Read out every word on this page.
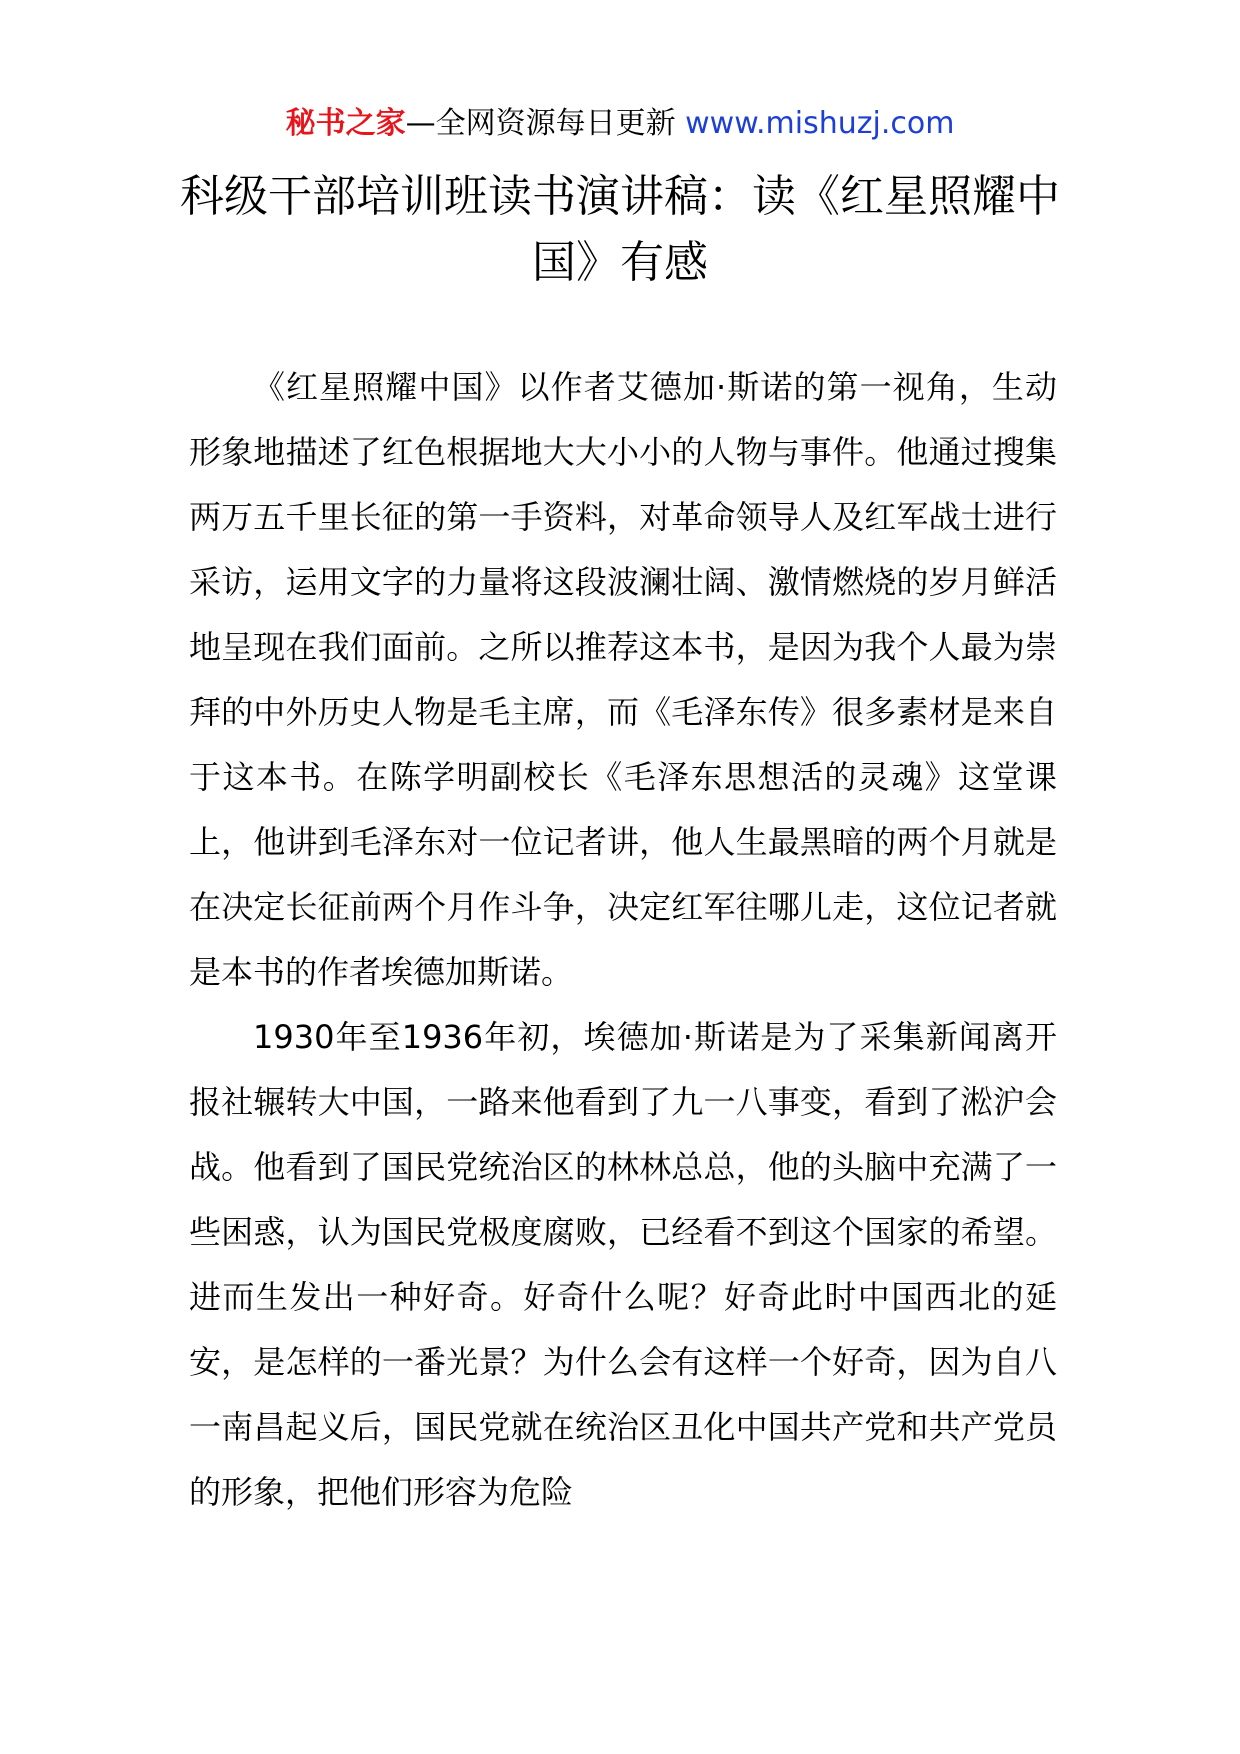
秘书之家—全网资源每日更新 www.mishuzj.com
科级干部培训班读书演讲稿：读《红星照耀中国》有感

《红星照耀中国》以作者艾德加·斯诺的第一视角，生动形象地描述了红色根据地大大小小的人物与事件。他通过搜集两万五千里长征的第一手资料，对革命领导人及红军战士进行采访，运用文字的力量将这段波澜壮阔、激情燃烧的岁月鲜活地呈现在我们面前。之所以推荐这本书，是因为我个人最为崇拜的中外历史人物是毛主席，而《毛泽东传》很多素材是来自于这本书。在陈学明副校长《毛泽东思想活的灵魂》这堂课上，他讲到毛泽东对一位记者讲，他人生最黑暗的两个月就是在决定长征前两个月作斗争，决定红军往哪儿走，这位记者就是本书的作者埃德加斯诺。

1930年至1936年初，埃德加·斯诺是为了采集新闻离开报社辗转大中国，一路来他看到了九一八事变，看到了淞沪会战。他看到了国民党统治区的林林总总，他的头脑中充满了一些困惑，认为国民党极度腐败，已经看不到这个国家的希望。进而生发出一种好奇。好奇什么呢？好奇此时中国西北的延安，是怎样的一番光景？为什么会有这样一个好奇，因为自八一南昌起义后，国民党就在统治区丑化中国共产党和共产党员的形象，把他们形容为危险
